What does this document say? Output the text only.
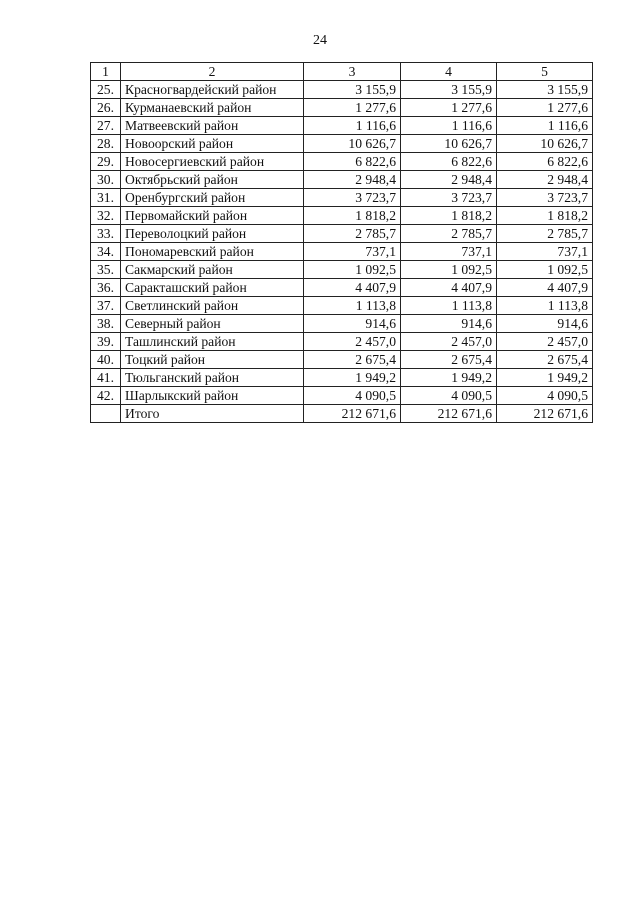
24
1	2	3	4	5
25.	Красногвардейский район	3 155,9	3 155,9	3 155,9
26.	Курманаевский район	1 277,6	1 277,6	1 277,6
27.	Матвеевский район	1 116,6	1 116,6	1 116,6
28.	Новоорский район	10 626,7	10 626,7	10 626,7
29.	Новосергиевский район	6 822,6	6 822,6	6 822,6
30.	Октябрьский район	2 948,4	2 948,4	2 948,4
31.	Оренбургский район	3 723,7	3 723,7	3 723,7
32.	Первомайский район	1 818,2	1 818,2	1 818,2
33.	Переволоцкий район	2 785,7	2 785,7	2 785,7
34.	Пономаревский район	737,1	737,1	737,1
35.	Сакмарский район	1 092,5	1 092,5	1 092,5
36.	Саракташский район	4 407,9	4 407,9	4 407,9
37.	Светлинский район	1 113,8	1 113,8	1 113,8
38.	Северный район	914,6	914,6	914,6
39.	Ташлинский район	2 457,0	2 457,0	2 457,0
40.	Тоцкий район	2 675,4	2 675,4	2 675,4
41.	Тюльганский район	1 949,2	1 949,2	1 949,2
42.	Шарлыкский район	4 090,5	4 090,5	4 090,5
	Итого	212 671,6	212 671,6	212 671,6
